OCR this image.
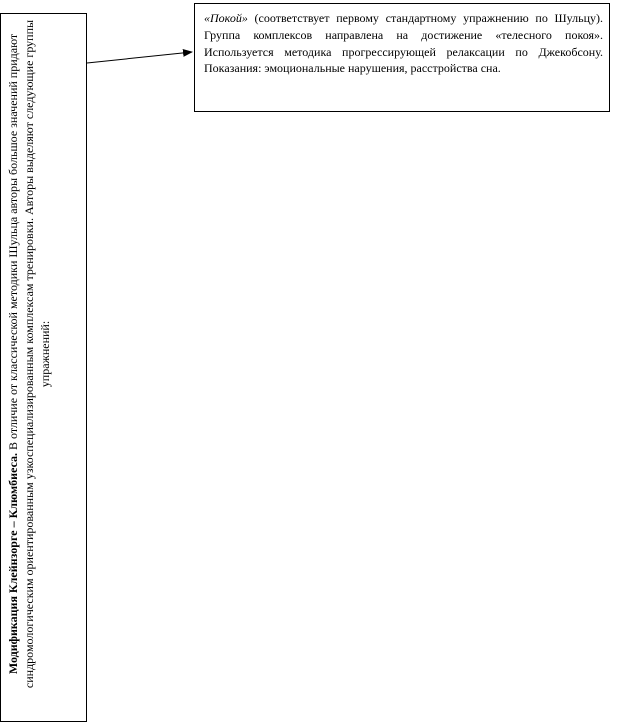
Модификация Клейнзорге – Клюмбиеса. В отличие от классической методики Шульца авторы большое значений придают синдромологическим ориентированным узкоспециализированным комплексам тренировки. Авторы выделяют следующие группы упражнений:
«Покой» (соответствует первому стандартному упражнению по Шульцу). Группа комплексов направлена на достижение «телесного покоя». Используется методика прогрессирующей релаксации по Джекобсону. Показания: эмоциональные нарушения, расстройства сна.
